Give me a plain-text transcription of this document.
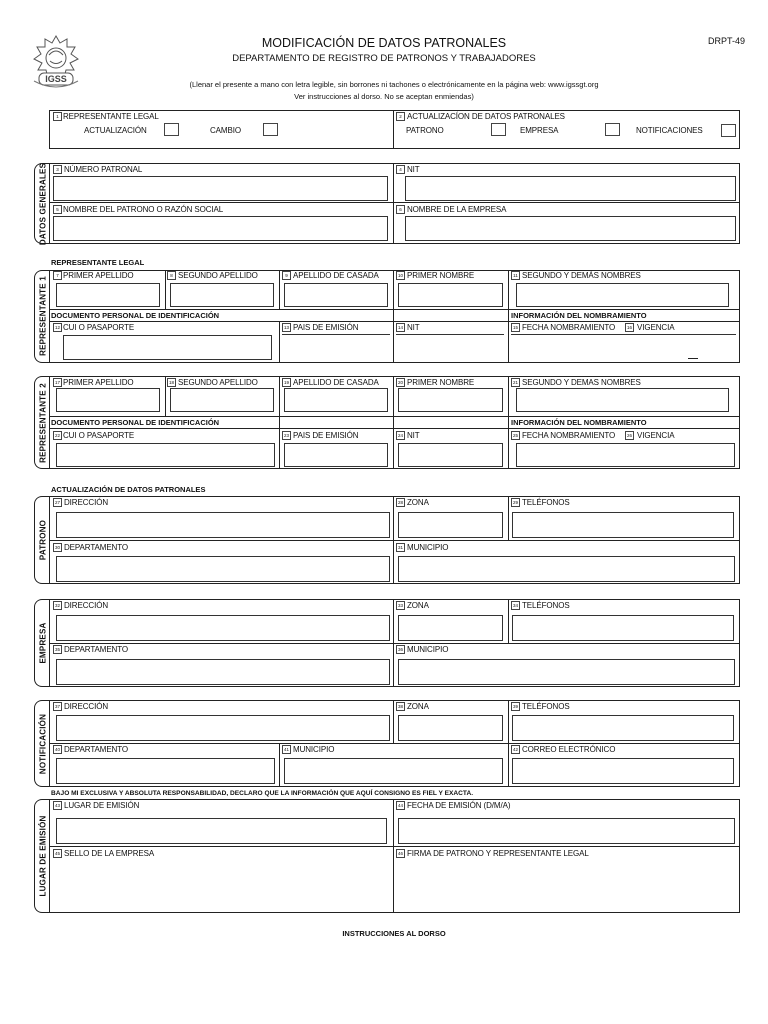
IGSS
MODIFICACIÓN DE DATOS PATRONALES
DEPARTAMENTO DE REGISTRO DE PATRONOS Y TRABAJADORES
DRPT-49
(Llenar el presente a mano con letra legible, sin borrones ni tachones o electrónicamente en la página web: www.igssgt.org
Ver instrucciones al dorso. No se aceptan enmiendas)
1 REPRESENTANTE LEGAL
ACTUALIZACIÓN	CAMBIO
2 ACTUALIZACÍON DE DATOS PATRONALES
PATRONO	EMPRESA	NOTIFICACIONES
DATOS GENERALES	3 NÚMERO PATRONAL	4 NIT
5 NOMBRE DEL PATRONO O RAZÓN SOCIAL	6 NOMBRE DE LA EMPRESA
REPRESENTANTE LEGAL
REPRESENTANTE 1
7 PRIMER APELLIDO	8 SEGUNDO APELLIDO	9 APELLIDO DE CASADA	10 PRIMER NOMBRE	11 SEGUNDO Y DEMÁS NOMBRES
DOCUMENTO PERSONAL DE IDENTIFICACIÓN	INFORMACIÓN DEL NOMBRAMIENTO
12 CUI O PASAPORTE	13 PAIS DE EMISIÓN	14 NIT	15 FECHA NOMBRAMIENTO	16 VIGENCIA
REPRESENTANTE 2
17 PRIMER APELLIDO	18 SEGUNDO APELLIDO	19 APELLIDO DE CASADA	20 PRIMER NOMBRE	21 SEGUNDO Y DEMAS NOMBRES
DOCUMENTO PERSONAL DE IDENTIFICACIÓN	INFORMACIÓN DEL NOMBRAMIENTO
22 CUI O PASAPORTE	23 PAIS DE EMISIÓN	24 NIT	25 FECHA NOMBRAMIENTO	26 VIGENCIA
ACTUALIZACIÓN DE DATOS PATRONALES
PATRONO
27 DIRECCIÓN	28 ZONA	29 TELÉFONOS
30 DEPARTAMENTO	31 MUNICIPIO
EMPRESA
32 DIRECCIÓN	33 ZONA	34 TELÉFONOS
35 DEPARTAMENTO	36 MUNICIPIO
NOTIFICACIÓN
37 DIRECCIÓN	38 ZONA	39 TELÉFONOS
40 DEPARTAMENTO	41 MUNICIPIO	42 CORREO ELECTRÓNICO
BAJO MI EXCLUSIVA Y ABSOLUTA RESPONSABILIDAD, DECLARO QUE LA INFORMACIÓN QUE AQUÍ CONSIGNO ES FIEL Y EXACTA.
LUGAR DE EMISIÓN
43 LUGAR DE EMISIÓN	44 FECHA DE EMISIÓN (D/M/A)
45 SELLO DE LA EMPRESA	46 FIRMA DE PATRONO Y REPRESENTANTE LEGAL
INSTRUCCIONES AL DORSO
